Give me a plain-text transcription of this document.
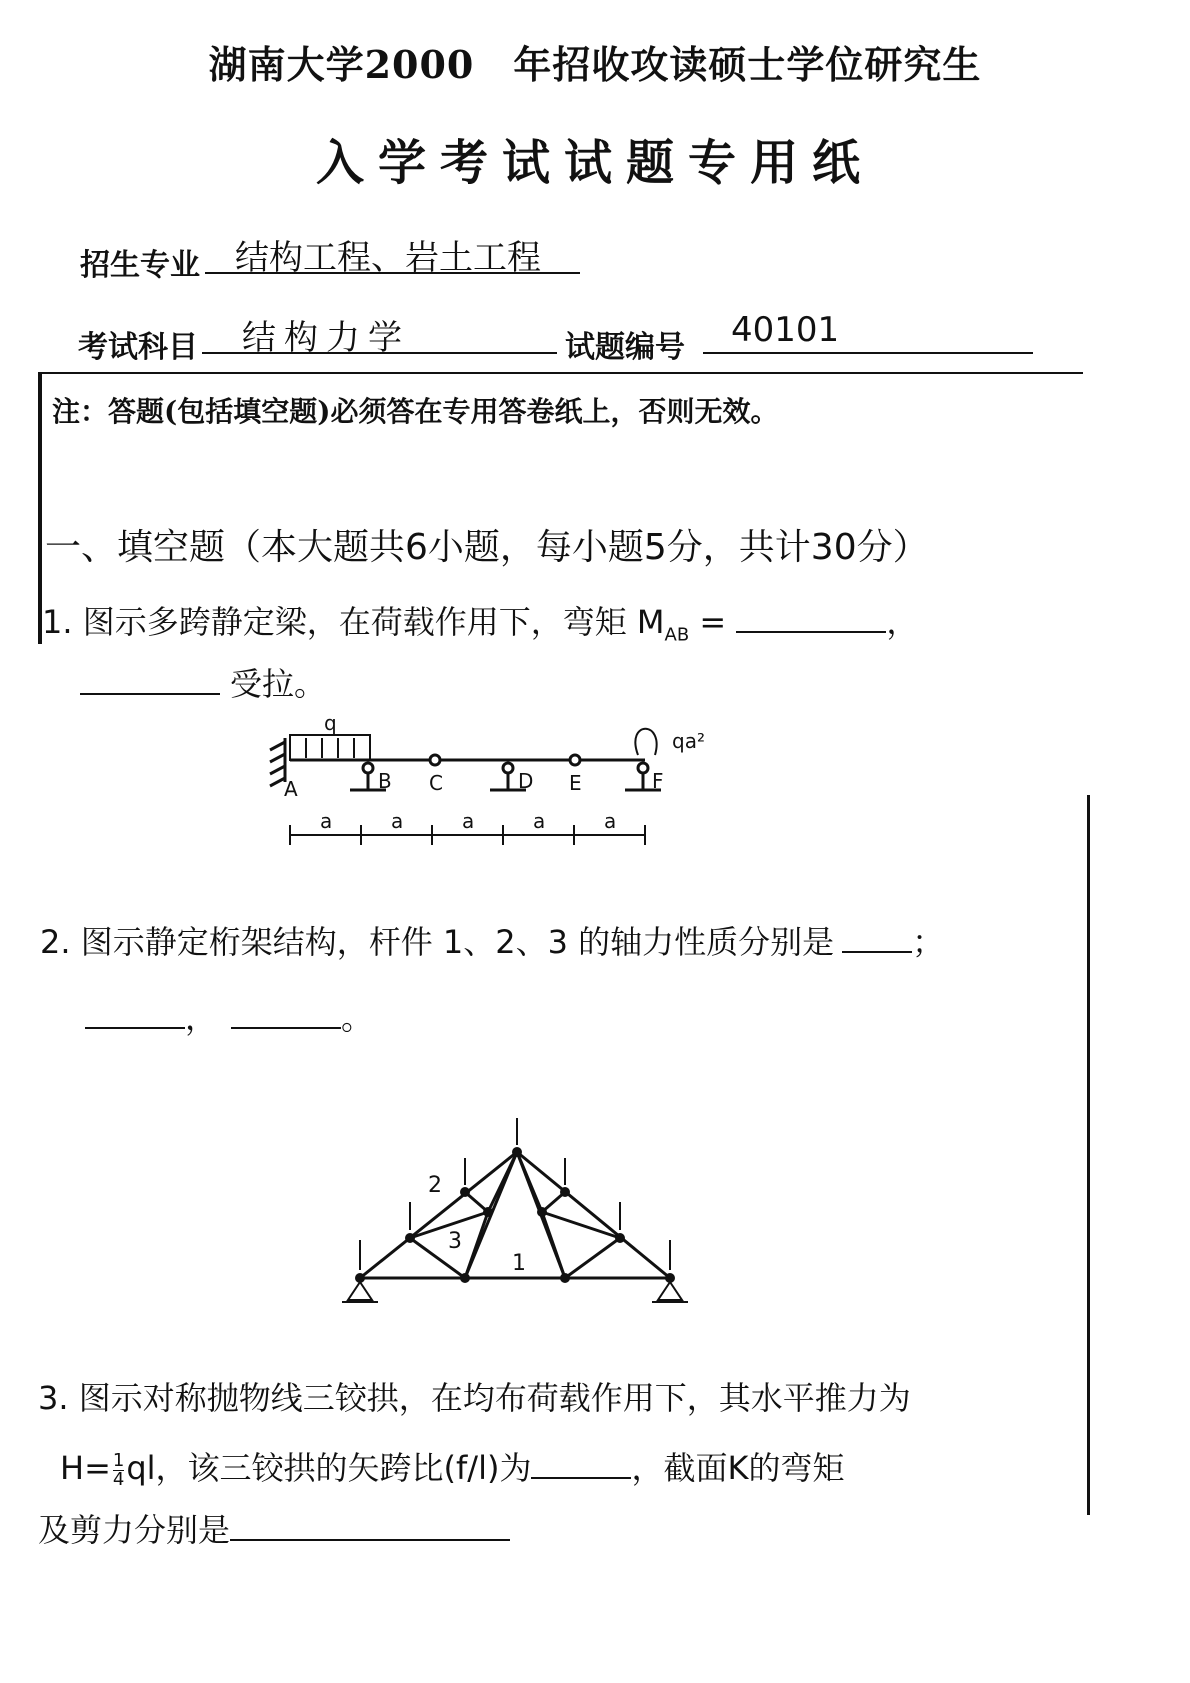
湖南大学2000　年招收攻读硕士学位研究生
入学考试试题专用纸
招生专业 结构工程、岩土工程
考试科目 结构力学	试题编号 40101
注：答题(包括填空题)必须答在专用答卷纸上，否则无效。
一、填空题（本大题共6小题，每小题5分，共计30分）
1. 图示多跨静定梁，在荷载作用下，弯矩 $M_{AB}$ =	，
受拉。
q
qa²
A	B C	D E	F
a	a	a	a	a
2. 图示静定桁架结构，杆件 1、2、3 的轴力性质分别是 ；
，	。
2
3
1
3. 图示对称抛物线三铰拱，在均布荷载作用下，其水平推力为
$H= \frac{1}{4}$ ql，该三铰拱的矢跨比(f/l)为	，截面K的弯矩
及剪力分别是
